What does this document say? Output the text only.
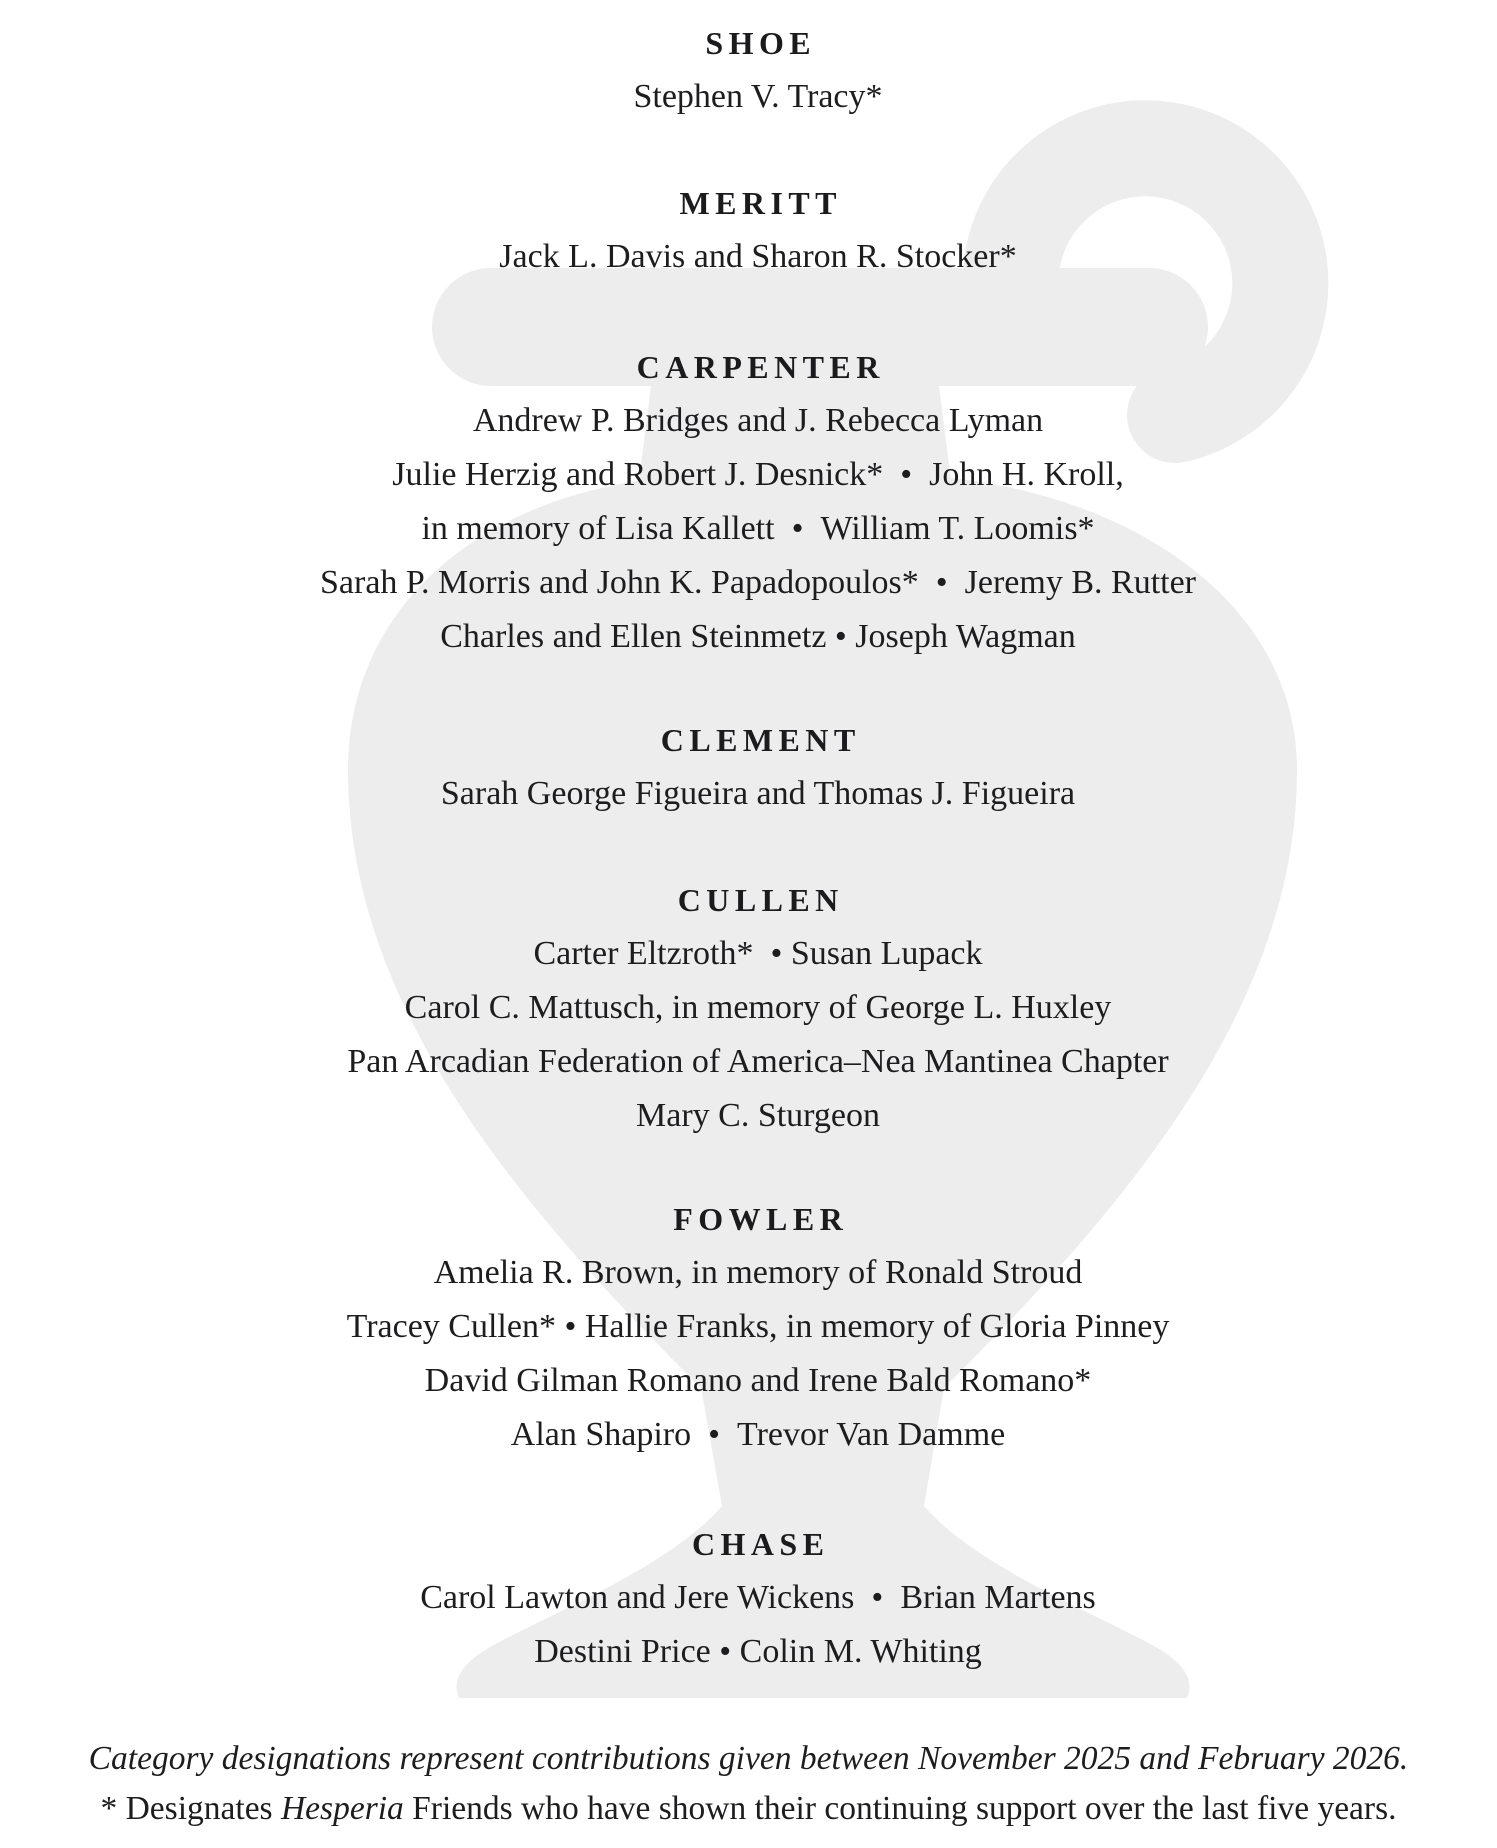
SHOE
Stephen V. Tracy*
MERITT
Jack L. Davis and Sharon R. Stocker*
CARPENTER
Andrew P. Bridges and J. Rebecca Lyman
Julie Herzig and Robert J. Desnick* • John H. Kroll,
in memory of Lisa Kallett • William T. Loomis*
Sarah P. Morris and John K. Papadopoulos* • Jeremy B. Rutter
Charles and Ellen Steinmetz • Joseph Wagman
CLEMENT
Sarah George Figueira and Thomas J. Figueira
CULLEN
Carter Eltzroth* • Susan Lupack
Carol C. Mattusch, in memory of George L. Huxley
Pan Arcadian Federation of America–Nea Mantinea Chapter
Mary C. Sturgeon
FOWLER
Amelia R. Brown, in memory of Ronald Stroud
Tracey Cullen* • Hallie Franks, in memory of Gloria Pinney
David Gilman Romano and Irene Bald Romano*
Alan Shapiro • Trevor Van Damme
CHASE
Carol Lawton and Jere Wickens • Brian Martens
Destini Price • Colin M. Whiting
Category designations represent contributions given between November 2025 and February 2026.
* Designates Hesperia Friends who have shown their continuing support over the last five years.
